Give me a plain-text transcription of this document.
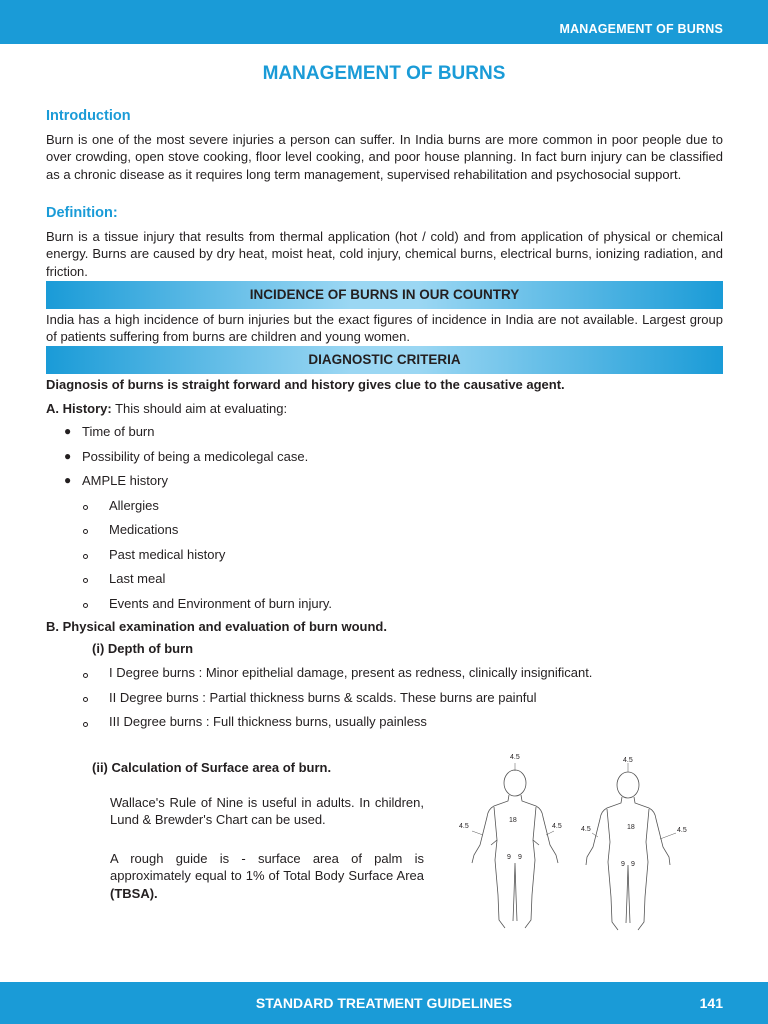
MANAGEMENT OF BURNS
MANAGEMENT OF BURNS
Introduction
Burn is one of the most severe injuries a person can suffer. In India burns are more common in poor people due to over crowding, open stove cooking, floor level cooking, and poor house planning. In fact burn injury can be classified as a chronic disease as it requires long term management, supervised rehabilitation and psychosocial support.
Definition:
Burn is a tissue injury that results from thermal application (hot / cold) and from application of physical or chemical energy. Burns are caused by dry heat, moist heat, cold injury, chemical burns, electrical burns, ionizing radiation, and friction.
INCIDENCE OF BURNS IN OUR COUNTRY
India has a high incidence of burn injuries but the exact figures of incidence in India are not available. Largest group of patients suffering from burns are children and young women.
DIAGNOSTIC CRITERIA
Diagnosis of burns is straight forward and history gives clue to the causative agent.
A. History: This should aim at evaluating:
● Time of burn
● Possibility of being a medicolegal case.
● AMPLE history
Allergies
Medications
Past medical history
Last meal
Events and Environment of burn injury.
B. Physical examination and evaluation of burn wound.
(i) Depth of burn
I Degree burns : Minor epithelial damage, present as redness, clinically insignificant.
II Degree burns : Partial thickness burns & scalds. These burns are painful
III Degree burns : Full thickness burns, usually painless
(ii) Calculation of Surface area of burn.
Wallace's Rule of Nine is useful in adults. In children, Lund & Brewder's Chart can be used.
A rough guide is - surface area of palm is approximately equal to 1% of Total Body Surface Area (TBSA).
4.5
18
4.5	4.5
9 9
4.5
18
4.5	4.5
9 9
STANDARD TREATMENT GUIDELINES	141
